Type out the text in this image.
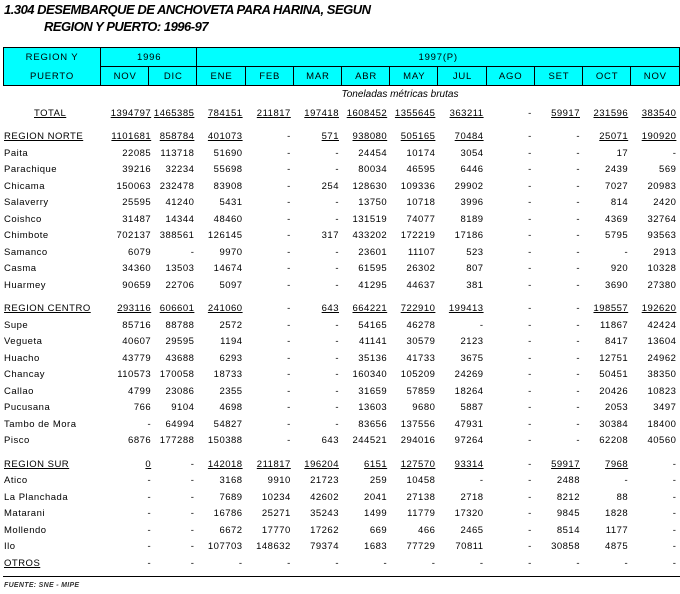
1.304 DESEMBARQUE DE ANCHOVETA PARA HARINA, SEGUN
REGION Y PUERTO: 1996-97
REGION Y
PUERTO
1996	1997(P)
NOV	DIC	ENE	FEB	MAR	ABR	MAY	JUL	AGO	SET	OCT	NOV
Toneladas métricas brutas
TOTAL	1394797 1465385	784151	211817	197418 1608452 1355645	363211	-	59917	231596	383540
REGION NORTE	1101681 858784	401073	-	571	938080	505165	70484	-	-	25071	190920
Paita	22085 113718	51690	-	-	24454	10174	3054	-	-	17	-
Parachique	39216	32234	55698	-	-	80034	46595	6446	-	-	2439	569
Chicama	150063 232478	83908	-	254	128630	109336	29902	-	-	7027	20983
Salaverry	25595	41240	5431	-	-	13750	10718	3996	-	-	814	2420
Coishco	31487	14344	48460	-	-	131519	74077	8189	-	-	4369	32764
Chimbote	702137 388561	126145	-	317	433202	172219	17186	-	-	5795	93563
Samanco	6079	-	9970	-	-	23601	11107	523	-	-	-	2913
Casma	34360	13503	14674	-	-	61595	26302	807	-	-	920	10328
Huarmey	90659	22706	5097	-	-	41295	44637	381	-	-	3690	27380
REGION CENTRO	293116 606601	241060	-	643	664221	722910	199413	-	-	198557	192620
Supe	85716	88788	2572	-	-	54165	46278	-	-	-	11867	42424
Vegueta	40607	29595	1194	-	-	41141	30579	2123	-	-	8417	13604
Huacho	43779	43688	6293	-	-	35136	41733	3675	-	-	12751	24962
Chancay	110573 170058	18733	-	-	160340	105209	24269	-	-	50451	38350
Callao	4799	23086	2355	-	-	31659	57859	18264	-	-	20426	10823
Pucusana	766	9104	4698	-	-	13603	9680	5887	-	-	2053	3497
Tambo de Mora	-	64994	54827	-	-	83656	137556	47931	-	-	30384	18400
Pisco	6876 177288	150388	-	643	244521	294016	97264	-	-	62208	40560
REGION SUR	0	-	142018	211817	196204	6151	127570	93314	-	59917	7968	-
Atico	-	-	3168	9910	21723	259	10458	-	-	2488	-	-
La Planchada	-	-	7689	10234	42602	2041	27138	2718	-	8212	88	-
Matarani	-	-	16786	25271	35243	1499	11779	17320	-	9845	1828	-
Mollendo	-	-	6672	17770	17262	669	466	2465	-	8514	1177	-
Ilo	-	-	107703	148632	79374	1683	77729	70811	-	30858	4875	-
OTROS	-	-	-	-	-	-	-	-	-	-	-	-
FUENTE: SNE - MIPE
